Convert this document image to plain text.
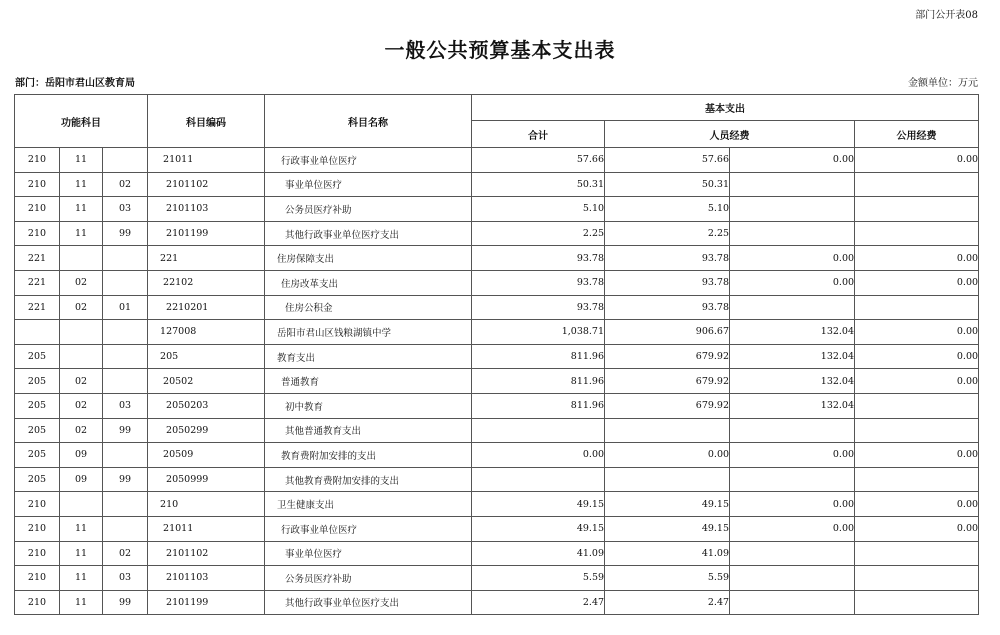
部门公开表08
一般公共预算基本支出表
部门：岳阳市君山区教育局	金额单位：万元
功能科目			科目编码	科目名称	基本支出			
					合计	人员经费		公用经费
210	11		21011	行政事业单位医疗	57.66	57.66	0.00	0.00
210	11	02	2101102	事业单位医疗	50.31	50.31		
210	11	03	2101103	公务员医疗补助	5.10	5.10		
210	11	99	2101199	其他行政事业单位医疗支出	2.25	2.25		
221			221	住房保障支出	93.78	93.78	0.00	0.00
221	02		22102	住房改革支出	93.78	93.78	0.00	0.00
221	02	01	2210201	住房公积金	93.78	93.78		
			127008	岳阳市君山区钱粮湖镇中学	1,038.71	906.67	132.04	0.00
205			205	教育支出	811.96	679.92	132.04	0.00
205	02		20502	普通教育	811.96	679.92	132.04	0.00
205	02	03	2050203	初中教育	811.96	679.92	132.04	
205	02	99	2050299	其他普通教育支出				
205	09		20509	教育费附加安排的支出	0.00	0.00	0.00	0.00
205	09	99	2050999	其他教育费附加安排的支出				
210			210	卫生健康支出	49.15	49.15	0.00	0.00
210	11		21011	行政事业单位医疗	49.15	49.15	0.00	0.00
210	11	02	2101102	事业单位医疗	41.09	41.09		
210	11	03	2101103	公务员医疗补助	5.59	5.59		
210	11	99	2101199	其他行政事业单位医疗支出	2.47	2.47		
